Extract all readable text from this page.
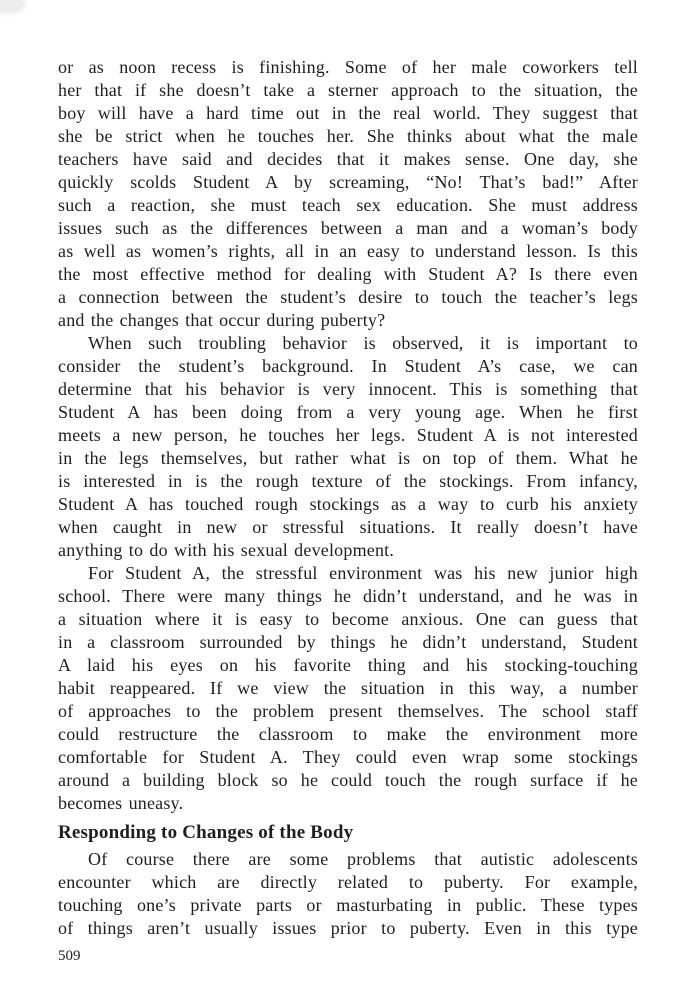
or as noon recess is finishing. Some of her male coworkers tell
her that if she doesn’t take a sterner approach to the situation, the
boy will have a hard time out in the real world. They suggest that
she be strict when he touches her. She thinks about what the male
teachers have said and decides that it makes sense. One day, she
quickly scolds Student A by screaming, “No! That’s bad!” After
such a reaction, she must teach sex education. She must address
issues such as the differences between a man and a woman’s body
as well as women’s rights, all in an easy to understand lesson. Is this
the most effective method for dealing with Student A? Is there even
a connection between the student’s desire to touch the teacher’s legs
and the changes that occur during puberty?
When such troubling behavior is observed, it is important to
consider the student’s background. In Student A’s case, we can
determine that his behavior is very innocent. This is something that
Student A has been doing from a very young age. When he first
meets a new person, he touches her legs. Student A is not interested
in the legs themselves, but rather what is on top of them. What he
is interested in is the rough texture of the stockings. From infancy,
Student A has touched rough stockings as a way to curb his anxiety
when caught in new or stressful situations. It really doesn’t have
anything to do with his sexual development.
For Student A, the stressful environment was his new junior high
school. There were many things he didn’t understand, and he was in
a situation where it is easy to become anxious. One can guess that
in a classroom surrounded by things he didn’t understand, Student
A laid his eyes on his favorite thing and his stocking-touching
habit reappeared. If we view the situation in this way, a number
of approaches to the problem present themselves. The school staff
could restructure the classroom to make the environment more
comfortable for Student A. They could even wrap some stockings
around a building block so he could touch the rough surface if he
becomes uneasy.
Responding to Changes of the Body
Of course there are some problems that autistic adolescents
encounter which are directly related to puberty. For example,
touching one’s private parts or masturbating in public. These types
of things aren’t usually issues prior to puberty. Even in this type
509
